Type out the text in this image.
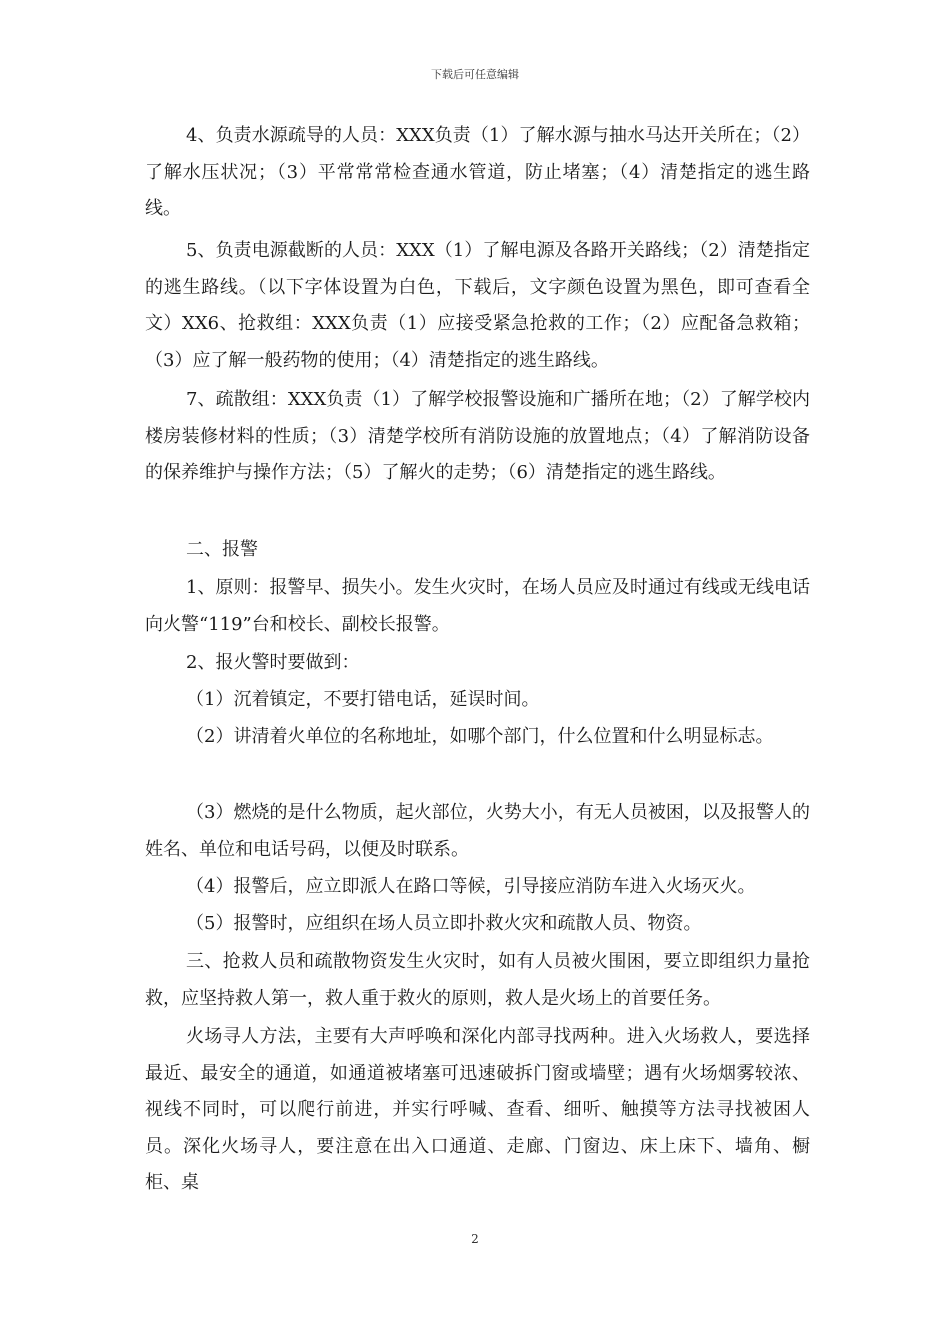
下载后可任意编辑

4、负责水源疏导的人员：XXX负责（1）了解水源与抽水马达开关所在；（2）了解水压状况；（3）平常常常检查通水管道，防止堵塞；（4）清楚指定的逃生路线。

5、负责电源截断的人员：XXX（1）了解电源及各路开关路线；（2）清楚指定的逃生路线。（以下字体设置为白色，下载后，文字颜色设置为黑色，即可查看全文）XX6、抢救组：XXX负责（1）应接受紧急抢救的工作；（2）应配备急救箱；（3）应了解一般药物的使用；（4）清楚指定的逃生路线。

7、疏散组：XXX负责（1）了解学校报警设施和广播所在地；（2）了解学校内楼房装修材料的性质；（3）清楚学校所有消防设施的放置地点；（4）了解消防设备的保养维护与操作方法；（5）了解火的走势；（6）清楚指定的逃生路线。

二、报警

1、原则：报警早、损失小。发生火灾时，在场人员应及时通过有线或无线电话向火警“119”台和校长、副校长报警。

2、报火警时要做到：

（1）沉着镇定，不要打错电话，延误时间。

（2）讲清着火单位的名称地址，如哪个部门，什么位置和什么明显标志。

（3）燃烧的是什么物质，起火部位，火势大小，有无人员被困，以及报警人的姓名、单位和电话号码，以便及时联系。

（4）报警后，应立即派人在路口等候，引导接应消防车进入火场灭火。

（5）报警时，应组织在场人员立即扑救火灾和疏散人员、物资。

三、抢救人员和疏散物资发生火灾时，如有人员被火围困，要立即组织力量抢救，应坚持救人第一，救人重于救火的原则，救人是火场上的首要任务。

火场寻人方法，主要有大声呼唤和深化内部寻找两种。进入火场救人，要选择最近、最安全的通道，如通道被堵塞可迅速破拆门窗或墙壁；遇有火场烟雾较浓、视线不同时，可以爬行前进，并实行呼喊、查看、细听、触摸等方法寻找被困人员。深化火场寻人，要注意在出入口通道、走廊、门窗边、床上床下、墙角、橱柜、桌

2
